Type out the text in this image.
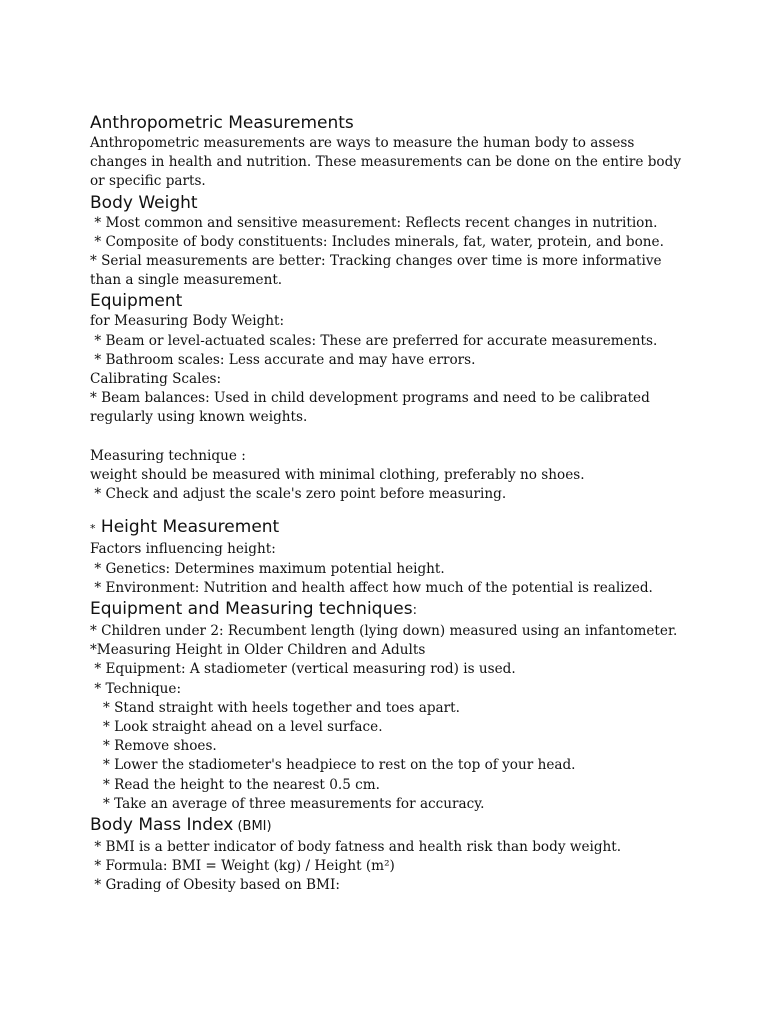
Anthropometric Measurements

Anthropometric measurements are ways to measure the human body to assess changes in health and nutrition. These measurements can be done on the entire body or specific parts.

Body Weight

* Most common and sensitive measurement: Reflects recent changes in nutrition.

* Composite of body constituents: Includes minerals, fat, water, protein, and bone.

* Serial measurements are better: Tracking changes over time is more informative than a single measurement.

Equipment

for Measuring Body Weight:

* Beam or level-actuated scales: These are preferred for accurate measurements.

* Bathroom scales: Less accurate and may have errors.

Calibrating Scales:

* Beam balances: Used in child development programs and need to be calibrated regularly using known weights.

Measuring technique :

weight should be measured with minimal clothing, preferably no shoes.

* Check and adjust the scale's zero point before measuring.

* Height Measurement

Factors influencing height:

* Genetics: Determines maximum potential height.

* Environment: Nutrition and health affect how much of the potential is realized.

Equipment and Measuring techniques:

* Children under 2: Recumbent length (lying down) measured using an infantometer.

*Measuring Height in Older Children and Adults

* Equipment: A stadiometer (vertical measuring rod) is used.

* Technique:

* Stand straight with heels together and toes apart.

* Look straight ahead on a level surface.

* Remove shoes.

* Lower the stadiometer's headpiece to rest on the top of your head.

* Read the height to the nearest 0.5 cm.

* Take an average of three measurements for accuracy.

Body Mass Index (BMI)

* BMI is a better indicator of body fatness and health risk than body weight.

* Formula: BMI = Weight (kg) / Height (m²)

* Grading of Obesity based on BMI:
